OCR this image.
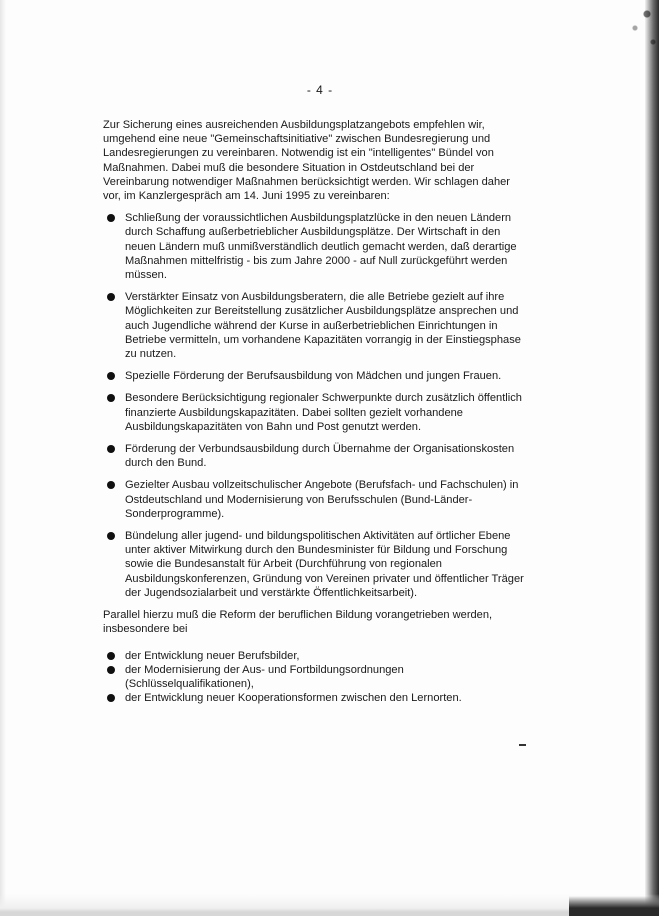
- 4 -

Zur Sicherung eines ausreichenden Ausbildungsplatzangebots empfehlen wir, umgehend eine neue "Gemeinschaftsinitiative" zwischen Bundesregierung und Landesregierungen zu vereinbaren. Notwendig ist ein "intelligentes" Bündel von Maßnahmen. Dabei muß die besondere Situation in Ostdeutschland bei der Vereinbarung notwendiger Maßnahmen berücksichtigt werden. Wir schlagen daher vor, im Kanzlergespräch am 14. Juni 1995 zu vereinbaren:

Schließung der voraussichtlichen Ausbildungsplatzlücke in den neuen Ländern durch Schaffung außerbetrieblicher Ausbildungsplätze. Der Wirtschaft in den neuen Ländern muß unmißverständlich deutlich gemacht werden, daß derartige Maßnahmen mittelfristig - bis zum Jahre 2000 - auf Null zurückgeführt werden müssen.
Verstärkter Einsatz von Ausbildungsberatern, die alle Betriebe gezielt auf ihre Möglichkeiten zur Bereitstellung zusätzlicher Ausbildungsplätze ansprechen und auch Jugendliche während der Kurse in außerbetrieblichen Einrichtungen in Betriebe vermitteln, um vorhandene Kapazitäten vorrangig in der Einstiegsphase zu nutzen.
Spezielle Förderung der Berufsausbildung von Mädchen und jungen Frauen.
Besondere Berücksichtigung regionaler Schwerpunkte durch zusätzlich öffentlich finanzierte Ausbildungskapazitäten. Dabei sollten gezielt vorhandene Ausbildungskapazitäten von Bahn und Post genutzt werden.
Förderung der Verbundsausbildung durch Übernahme der Organisationskosten durch den Bund.
Gezielter Ausbau vollzeitschulischer Angebote (Berufsfach- und Fachschulen) in Ostdeutschland und Modernisierung von Berufsschulen (Bund-Länder-Sonderprogramme).
Bündelung aller jugend- und bildungspolitischen Aktivitäten auf örtlicher Ebene unter aktiver Mitwirkung durch den Bundesminister für Bildung und Forschung sowie die Bundesanstalt für Arbeit (Durchführung von regionalen Ausbildungskonferenzen, Gründung von Vereinen privater und öffentlicher Träger der Jugendsozialarbeit und verstärkte Öffentlichkeitsarbeit).

Parallel hierzu muß die Reform der beruflichen Bildung vorangetrieben werden, insbesondere bei

der Entwicklung neuer Berufsbilder,
der Modernisierung der Aus- und Fortbildungsordnungen (Schlüsselqualifikationen),
der Entwicklung neuer Kooperationsformen zwischen den Lernorten.
